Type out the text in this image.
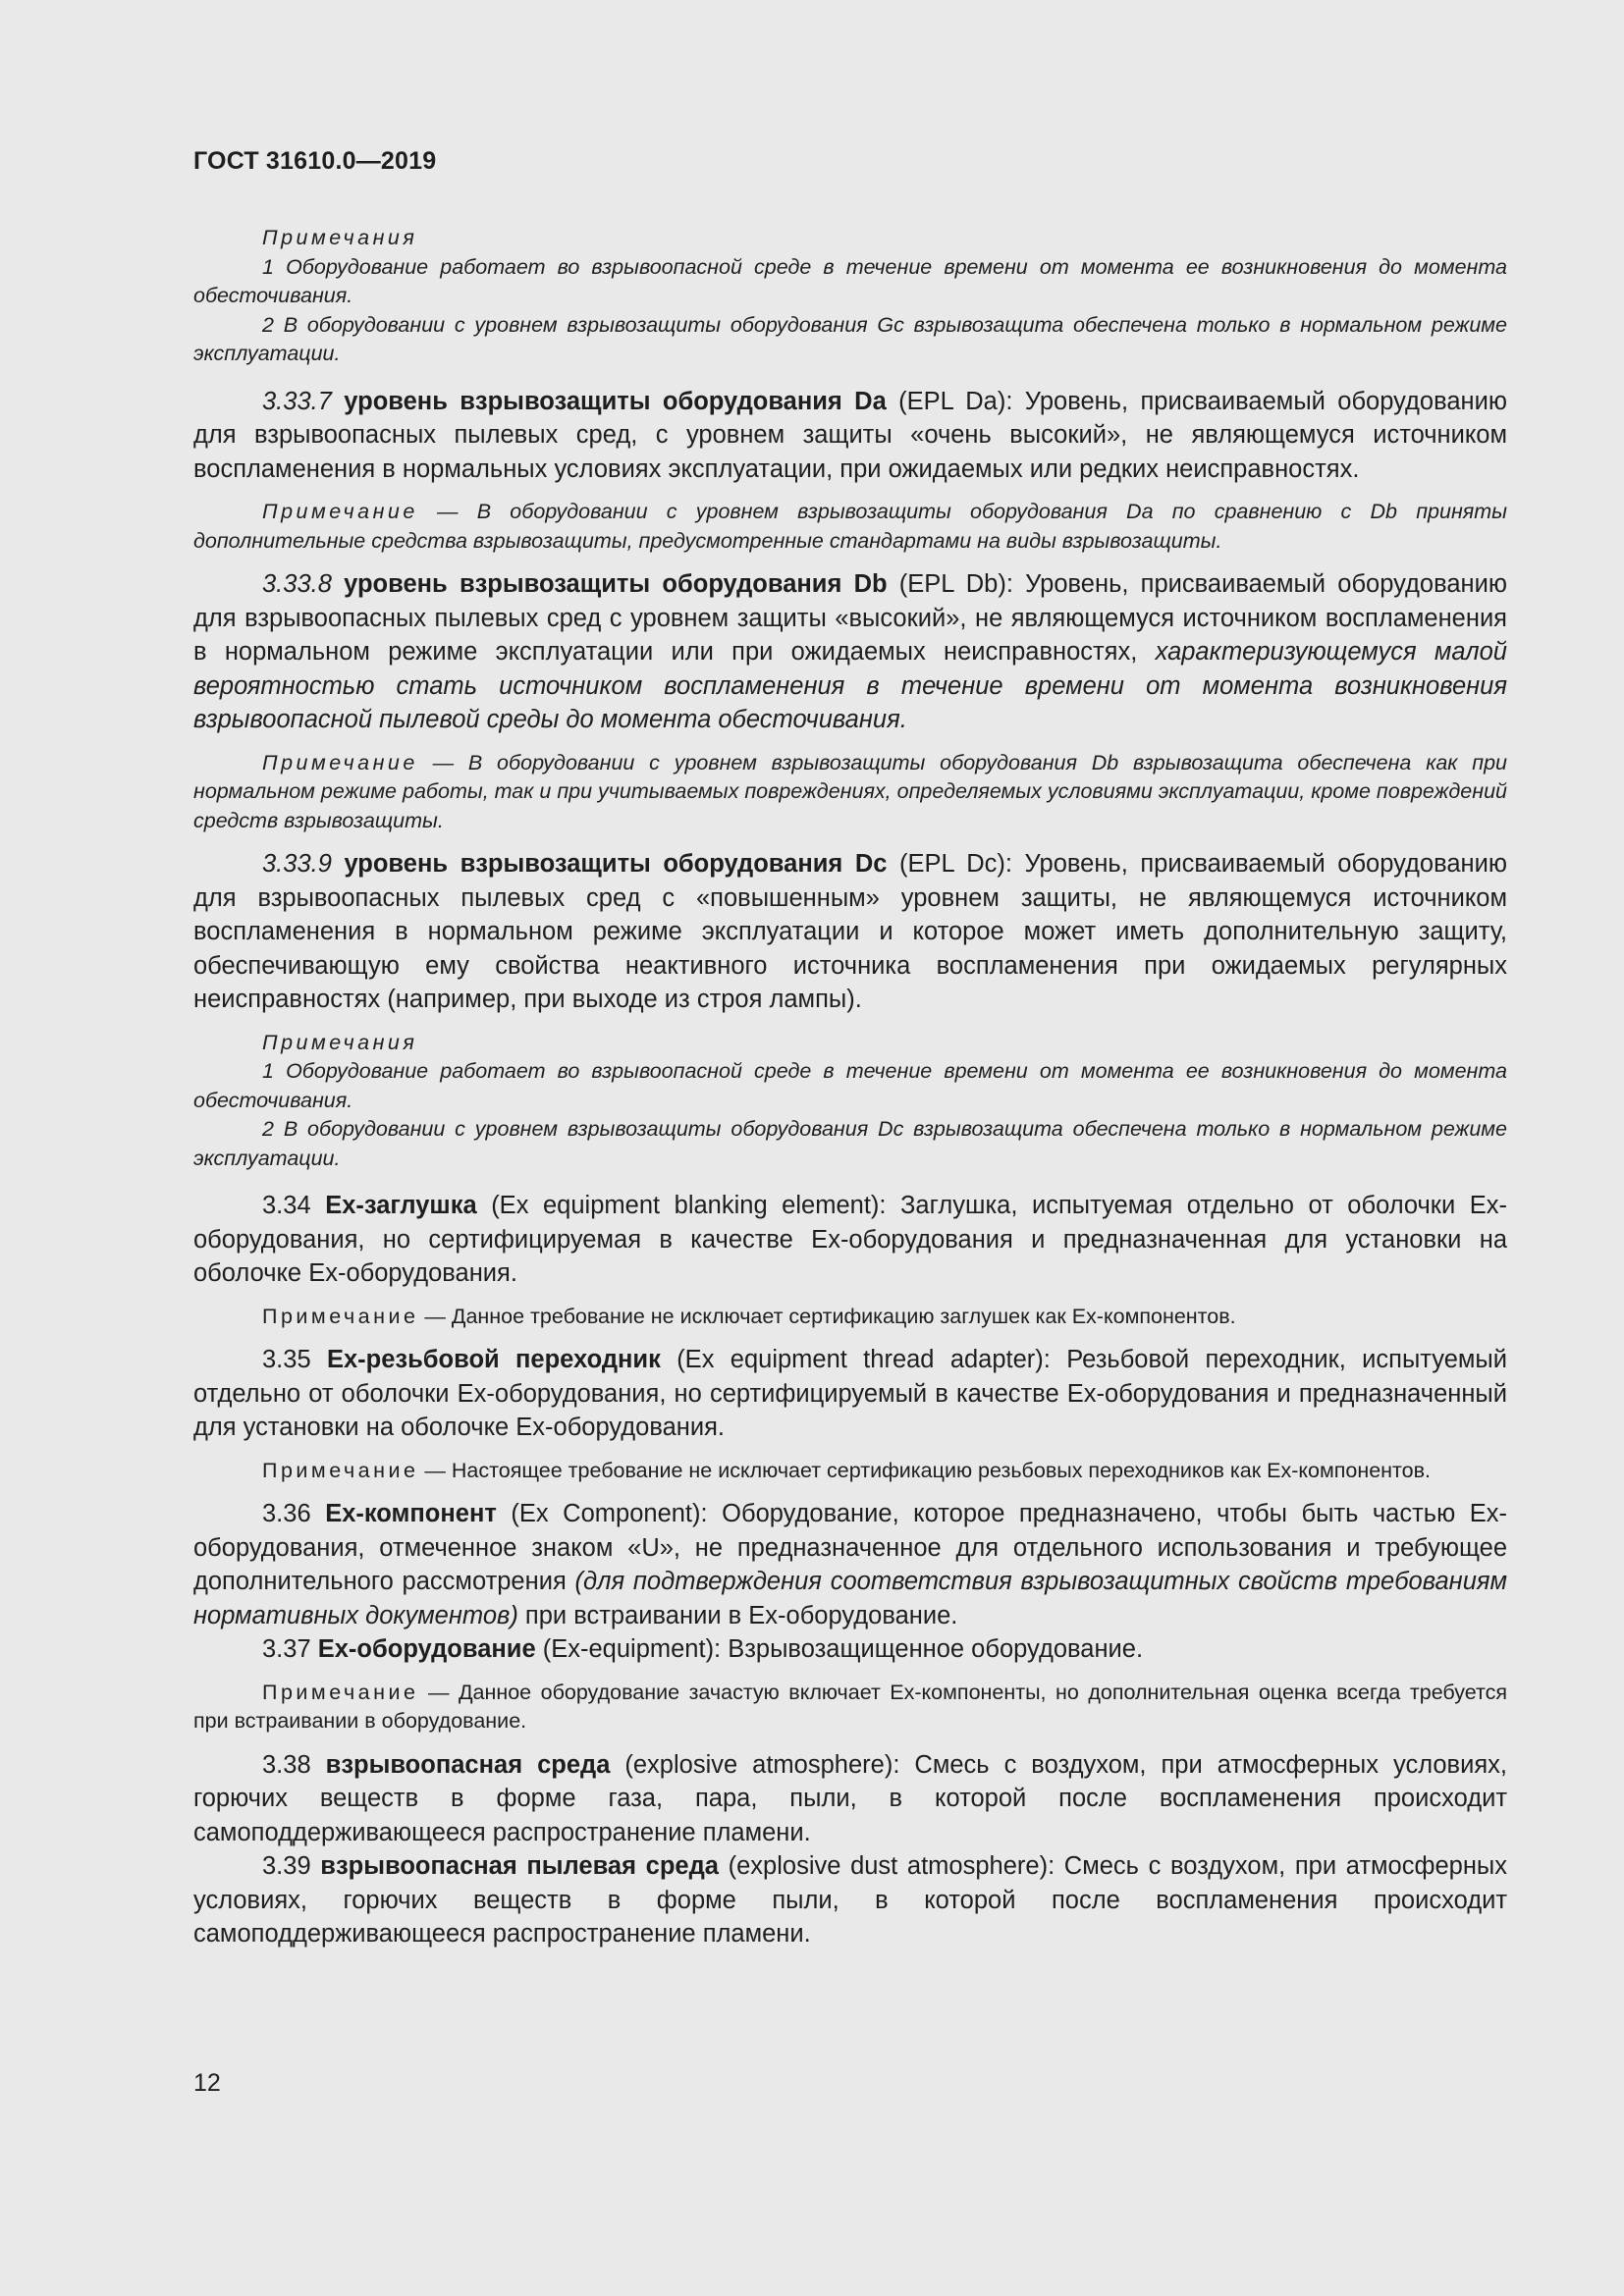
ГОСТ 31610.0—2019

Примечания

1 Оборудование работает во взрывоопасной среде в течение времени от момента ее возникновения до момента обесточивания.

2 В оборудовании с уровнем взрывозащиты оборудования Gc взрывозащита обеспечена только в нормальном режиме эксплуатации.

3.33.7 уровень взрывозащиты оборудования Da (EPL Da): Уровень, присваиваемый оборудованию для взрывоопасных пылевых сред, с уровнем защиты «очень высокий», не являющемуся источником воспламенения в нормальных условиях эксплуатации, при ожидаемых или редких неисправностях.

Примечание — В оборудовании с уровнем взрывозащиты оборудования Da по сравнению с Db приняты дополнительные средства взрывозащиты, предусмотренные стандартами на виды взрывозащиты.

3.33.8 уровень взрывозащиты оборудования Db (EPL Db): Уровень, присваиваемый оборудованию для взрывоопасных пылевых сред с уровнем защиты «высокий», не являющемуся источником воспламенения в нормальном режиме эксплуатации или при ожидаемых неисправностях, характеризующемуся малой вероятностью стать источником воспламенения в течение времени от момента возникновения взрывоопасной пылевой среды до момента обесточивания.

Примечание — В оборудовании с уровнем взрывозащиты оборудования Db взрывозащита обеспечена как при нормальном режиме работы, так и при учитываемых повреждениях, определяемых условиями эксплуатации, кроме повреждений средств взрывозащиты.

3.33.9 уровень взрывозащиты оборудования Dc (EPL Dc): Уровень, присваиваемый оборудованию для взрывоопасных пылевых сред с «повышенным» уровнем защиты, не являющемуся источником воспламенения в нормальном режиме эксплуатации и которое может иметь дополнительную защиту, обеспечивающую ему свойства неактивного источника воспламенения при ожидаемых регулярных неисправностях (например, при выходе из строя лампы).

Примечания

1 Оборудование работает во взрывоопасной среде в течение времени от момента ее возникновения до момента обесточивания.

2 В оборудовании с уровнем взрывозащиты оборудования Dc взрывозащита обеспечена только в нормальном режиме эксплуатации.

3.34 Ex-заглушка (Ex equipment blanking element): Заглушка, испытуемая отдельно от оболочки Ex-оборудования, но сертифицируемая в качестве Ex-оборудования и предназначенная для установки на оболочке Ex-оборудования.

Примечание — Данное требование не исключает сертификацию заглушек как Ex-компонентов.

3.35 Ex-резьбовой переходник (Ex equipment thread adapter): Резьбовой переходник, испытуемый отдельно от оболочки Ex-оборудования, но сертифицируемый в качестве Ex-оборудования и предназначенный для установки на оболочке Ex-оборудования.

Примечание — Настоящее требование не исключает сертификацию резьбовых переходников как Ex-компонентов.

3.36 Ex-компонент (Ex Component): Оборудование, которое предназначено, чтобы быть частью Ex-оборудования, отмеченное знаком «U», не предназначенное для отдельного использования и требующее дополнительного рассмотрения (для подтверждения соответствия взрывозащитных свойств требованиям нормативных документов) при встраивании в Ex-оборудование.

3.37 Ex-оборудование (Ex-equipment): Взрывозащищенное оборудование.

Примечание — Данное оборудование зачастую включает Ex-компоненты, но дополнительная оценка всегда требуется при встраивании в оборудование.

3.38 взрывоопасная среда (explosive atmosphere): Смесь с воздухом, при атмосферных условиях, горючих веществ в форме газа, пара, пыли, в которой после воспламенения происходит самоподдерживающееся распространение пламени.

3.39 взрывоопасная пылевая среда (explosive dust atmosphere): Смесь с воздухом, при атмосферных условиях, горючих веществ в форме пыли, в которой после воспламенения происходит самоподдерживающееся распространение пламени.

12
